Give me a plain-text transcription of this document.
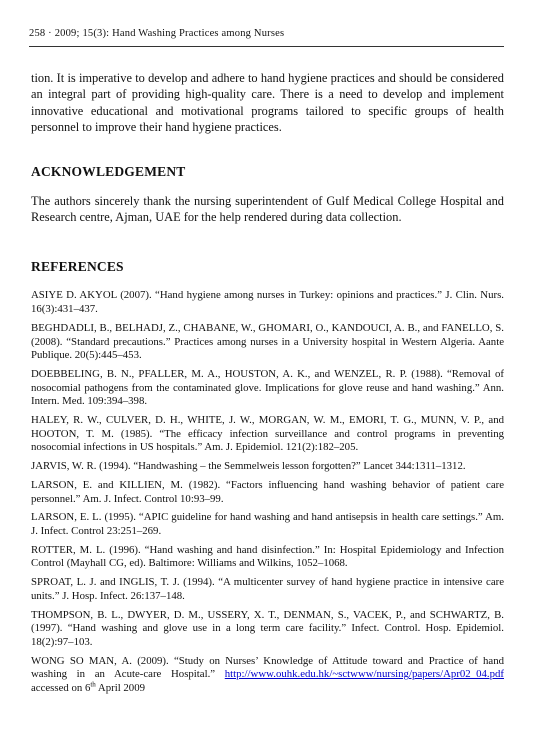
258 · 2009; 15(3): Hand Washing Practices among Nurses

tion. It is imperative to develop and adhere to hand hygiene practices and should be considered an integral part of providing high-quality care. There is a need to develop and implement innovative educational and motivational programs tailored to specific groups of health personnel to improve their hand hygiene practices.

ACKNOWLEDGEMENT

The authors sincerely thank the nursing superintendent of Gulf Medical College Hospital and Research centre, Ajman, UAE for the help rendered during data collection.

REFERENCES
ASIYE D. AKYOL (2007). “Hand hygiene among nurses in Turkey: opinions and practices.” J. Clin. Nurs. 16(3):431–437.
BEGHDADLI, B., BELHADJ, Z., CHABANE, W., GHOMARI, O., KANDOUCI, A. B., and FANELLO, S. (2008). “Standard precautions.” Practices among nurses in a University hospital in Western Algeria. Aante Publique. 20(5):445–453.
DOEBBELING, B. N., PFALLER, M. A., HOUSTON, A. K., and WENZEL, R. P. (1988). “Removal of nosocomial pathogens from the contaminated glove. Implications for glove reuse and hand washing.” Ann. Intern. Med. 109:394–398.
HALEY, R. W., CULVER, D. H., WHITE, J. W., MORGAN, W. M., EMORI, T. G., MUNN, V. P., and HOOTON, T. M. (1985). “The efficacy infection surveillance and control programs in preventing nosocomial infections in US hospitals.” Am. J. Epidemiol. 121(2):182–205.
JARVIS, W. R. (1994). “Handwashing – the Semmelweis lesson forgotten?” Lancet 344:1311–1312.
LARSON, E. and KILLIEN, M. (1982). “Factors influencing hand washing behavior of patient care personnel.” Am. J. Infect. Control 10:93–99.
LARSON, E. L. (1995). “APIC guideline for hand washing and hand antisepsis in health care settings.” Am. J. Infect. Control 23:251–269.
ROTTER, M. L. (1996). “Hand washing and hand disinfection.” In: Hospital Epidemiology and Infection Control (Mayhall CG, ed). Baltimore: Williams and Wilkins, 1052–1068.
SPROAT, L. J. and INGLIS, T. J. (1994). “A multicenter survey of hand hygiene practice in intensive care units.” J. Hosp. Infect. 26:137–148.
THOMPSON, B. L., DWYER, D. M., USSERY, X. T., DENMAN, S., VACEK, P., and SCHWARTZ, B. (1997). “Hand washing and glove use in a long term care facility.” Infect. Control. Hosp. Epidemiol. 18(2):97–103.
WONG SO MAN, A. (2009). “Study on Nurses’ Knowledge of Attitude toward and Practice of hand washing in an Acute-care Hospital.” http://www.ouhk.edu.hk/~sctwww/nursing/papers/Apr02_04.pdf accessed on 6th April 2009
